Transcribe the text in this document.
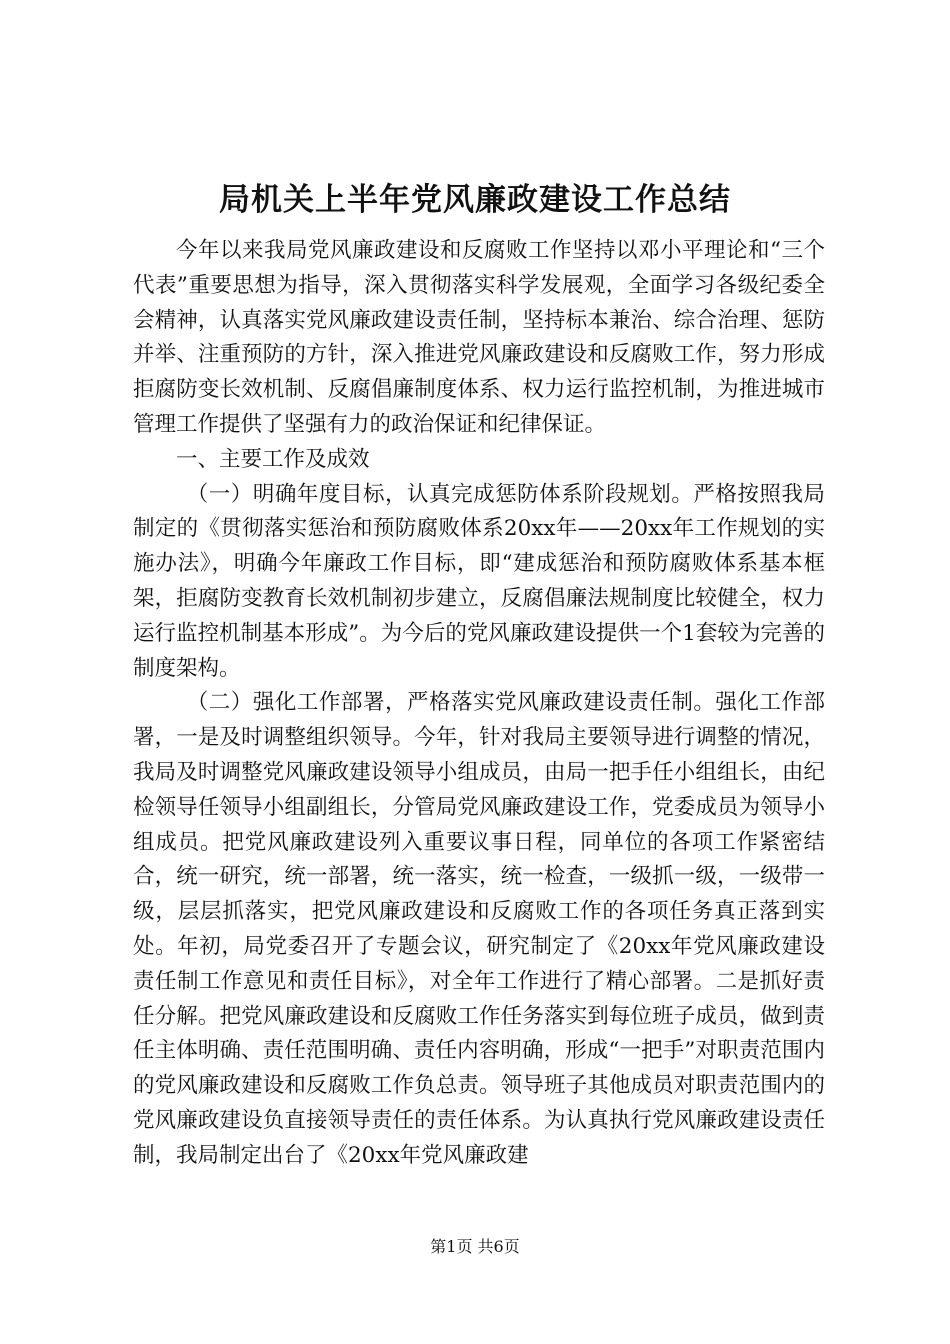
局机关上半年党风廉政建设工作总结

今年以来我局党风廉政建设和反腐败工作坚持以邓小平理论和“三个代表”重要思想为指导，深入贯彻落实科学发展观，全面学习各级纪委全会精神，认真落实党风廉政建设责任制，坚持标本兼治、综合治理、惩防并举、注重预防的方针，深入推进党风廉政建设和反腐败工作，努力形成拒腐防变长效机制、反腐倡廉制度体系、权力运行监控机制，为推进城市管理工作提供了坚强有力的政治保证和纪律保证。

一、主要工作及成效

（一）明确年度目标，认真完成惩防体系阶段规划。严格按照我局制定的《贯彻落实惩治和预防腐败体系20xx年——20xx年工作规划的实施办法》，明确今年廉政工作目标，即“建成惩治和预防腐败体系基本框架，拒腐防变教育长效机制初步建立，反腐倡廉法规制度比较健全，权力运行监控机制基本形成”。为今后的党风廉政建设提供一个1套较为完善的制度架构。

（二）强化工作部署，严格落实党风廉政建设责任制。强化工作部署，一是及时调整组织领导。今年，针对我局主要领导进行调整的情况，我局及时调整党风廉政建设领导小组成员，由局一把手任小组组长，由纪检领导任领导小组副组长，分管局党风廉政建设工作，党委成员为领导小组成员。把党风廉政建设列入重要议事日程，同单位的各项工作紧密结合，统一研究，统一部署，统一落实，统一检查，一级抓一级，一级带一级，层层抓落实，把党风廉政建设和反腐败工作的各项任务真正落到实处。年初，局党委召开了专题会议，研究制定了《20xx年党风廉政建设责任制工作意见和责任目标》，对全年工作进行了精心部署。二是抓好责任分解。把党风廉政建设和反腐败工作任务落实到每位班子成员，做到责任主体明确、责任范围明确、责任内容明确，形成“一把手”对职责范围内的党风廉政建设和反腐败工作负总责。领导班子其他成员对职责范围内的党风廉政建设负直接领导责任的责任体系。为认真执行党风廉政建设责任制，我局制定出台了《20xx年党风廉政建

第1页 共6页
